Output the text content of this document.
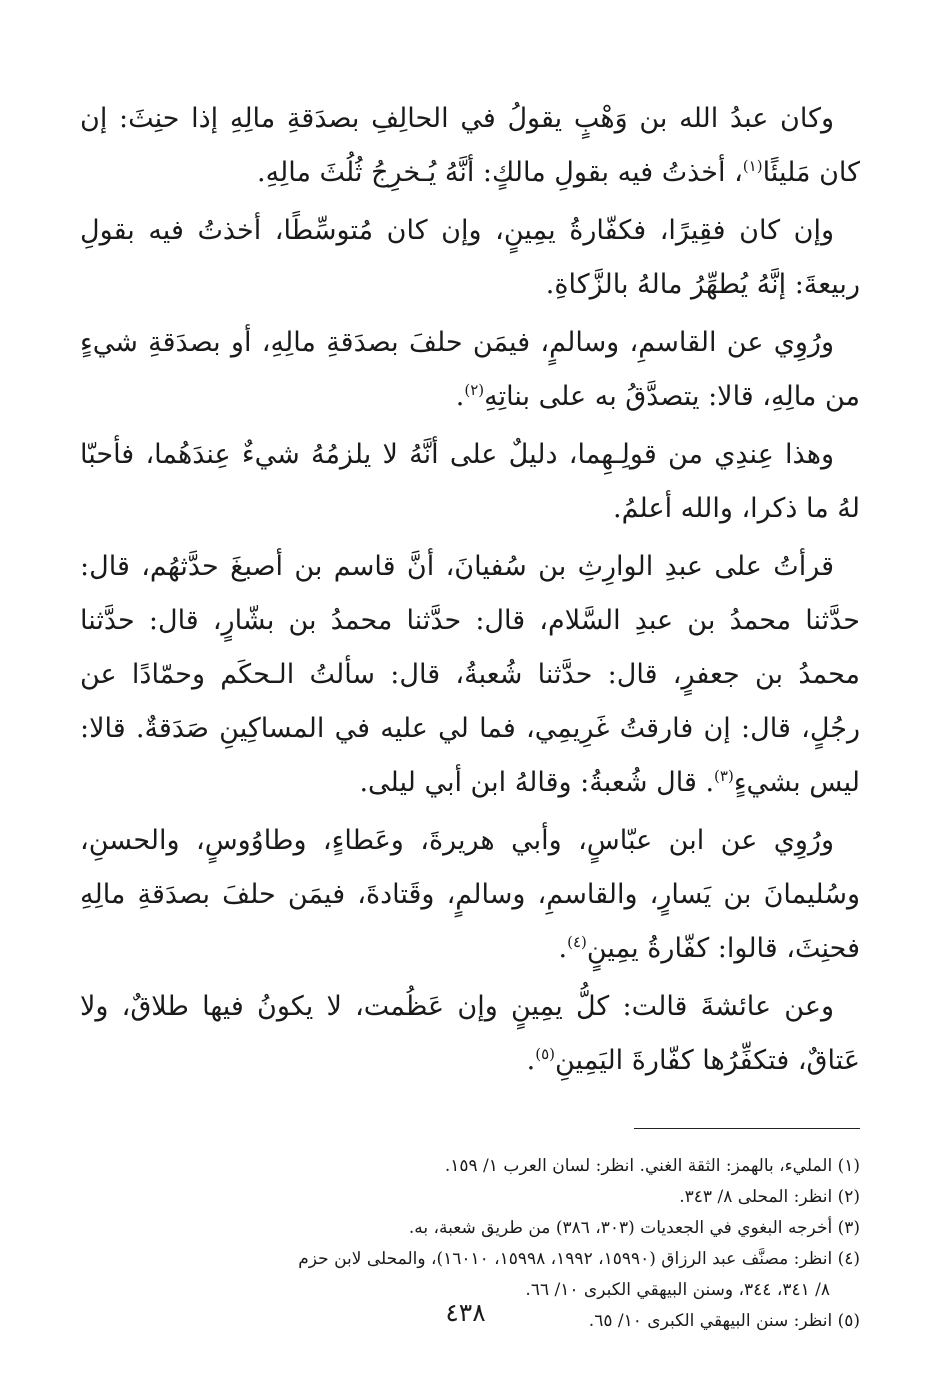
وكان عبدُ الله بن وَهْبٍ يقولُ في الحالِفِ بصدَقةِ مالِهِ إذا حنِثَ: إن كان مَليئًا$^{(١)}$، أخذتُ فيه بقولِ مالكٍ: أنَّهُ يُـخرِجُ ثُلُثَ مالِهِ.

وإن كان فقِيرًا، فكفّارةُ يمِينٍ، وإن كان مُتوسِّطًا، أخذتُ فيه بقولِ ربيعةَ: إنَّهُ يُطهِّرُ مالهُ بالزَّكاةِ.

ورُوِي عن القاسمِ، وسالمٍ، فيمَن حلفَ بصدَقةِ مالِهِ، أو بصدَقةِ شيءٍ من مالِهِ، قالا: يتصدَّقُ به على بناتِهِ$^{(٢)}$.

وهذا عِندِي من قولِـهِما، دليلٌ على أنَّهُ لا يلزمُهُ شيءٌ عِندَهُما، فأحبّا لهُ ما ذكرا، والله أعلمُ.

قرأتُ على عبدِ الوارِثِ بن سُفيانَ، أنَّ قاسم بن أصبغَ حدَّثهُم، قال: حدَّثنا محمدُ بن عبدِ السَّلام، قال: حدَّثنا محمدُ بن بشّارٍ، قال: حدَّثنا محمدُ بن جعفرٍ، قال: حدَّثنا شُعبةُ، قال: سألتُ الـحكَم وحمّادًا عن رجُلٍ، قال: إن فارقتُ غَرِيمِي، فما لي عليه في المساكِينِ صَدَقةٌ. قالا: ليس بشيءٍ$^{(٣)}$. قال شُعبةُ: وقالهُ ابن أبي ليلى.

ورُوِي عن ابن عبّاسٍ، وأبي هريرةَ، وعَطاءٍ، وطاوُوسٍ، والحسنِ، وسُليمانَ بن يَسارٍ، والقاسمِ، وسالمٍ، وقَتادةَ، فيمَن حلفَ بصدَقةِ مالِهِ فحنِثَ، قالوا: كفّارةُ يمِينٍ$^{(٤)}$.

وعن عائشةَ قالت: كلُّ يمِينٍ وإن عَظُمت، لا يكونُ فيها طلاقٌ، ولا عَتاقٌ، فتكفِّرُها كفّارةَ اليَمِينِ$^{(٥)}$.

(١) المليء، بالهمز: الثقة الغني. انظر: لسان العرب ١/ ١٥٩.

(٢) انظر: المحلى ٨/ ٣٤٣.

(٣) أخرجه البغوي في الجعديات (٣٠٣، ٣٨٦) من طريق شعبة، به.

(٤) انظر: مصنَّف عبد الرزاق (١٥٩٩٠، ١٩٩٢، ١٥٩٩٨، ١٦٠١٠)، والمحلى لابن حزم

٨/ ٣٤١، ٣٤٤، وسنن البيهقي الكبرى ١٠/ ٦٦.

(٥) انظر: سنن البيهقي الكبرى ١٠/ ٦٥.

٤٣٨
